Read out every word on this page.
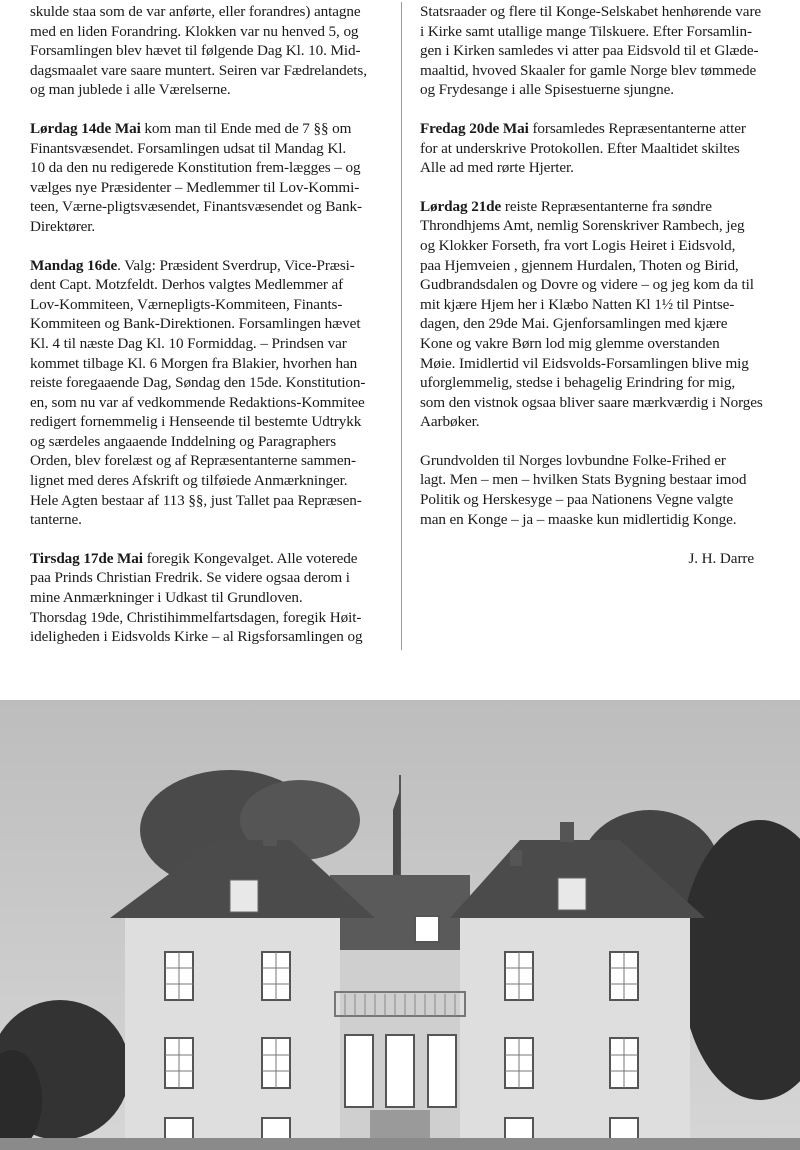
skulde staa som de var anførte, eller forandres) antagne
med en liden Forandring. Klokken var nu henved 5, og
Forsamlingen blev hævet til følgende Dag Kl. 10. Mid-
dagsmaalet vare saare muntert. Seiren var Fædrelandets,
og man jublede i alle Værelserne.
Lørdag 14de Mai kom man til Ende med de 7 §§ om
Finantsvæsendet. Forsamlingen udsat til Mandag Kl.
10 da den nu redigerede Konstitution frem-lægges – og
vælges nye Præsidenter – Medlemmer til Lov-Kommi-
teen, Værne-pligtsvæsendet, Finantsvæsendet og Bank-
Direktører.
Mandag 16de. Valg: Præsident Sverdrup, Vice-Præsi-
dent Capt. Motzfeldt. Derhos valgtes Medlemmer af
Lov-Kommiteen, Værnepligts-Kommiteen, Finants-
Kommiteen og Bank-Direktionen. Forsamlingen hævet
Kl. 4 til næste Dag Kl. 10 Formiddag. – Prindsen var
kommet tilbage Kl. 6 Morgen fra Blakier, hvorhen han
reiste foregaaende Dag, Søndag den 15de. Konstitution-
en, som nu var af vedkommende Redaktions-Kommitee
redigert fornemmelig i Henseende til bestemte Udtrykk
og særdeles angaaende Inddelning og Paragraphers
Orden, blev forelæst og af Repræsentanterne sammen-
lignet med deres Afskrift og tilføiede Anmærkninger.
Hele Agten bestaar af 113 §§, just Tallet paa Repræsen-
tanterne.
Tirsdag 17de Mai foregik Kongevalget. Alle voterede
paa Prinds Christian Fredrik. Se videre ogsaa derom i
mine Anmærkninger i Udkast til Grundloven.
Thorsdag 19de, Christihimmelfartsdagen, foregik Høit-
ideligheden i Eidsvolds Kirke – al Rigsforsamlingen og
Statsraader og flere til Konge-Selskabet henhørende vare
i Kirke samt utallige mange Tilskuere. Efter Forsamlin-
gen i Kirken samledes vi atter paa Eidsvold til et Glæde-
maaltid, hvoved Skaaler for gamle Norge blev tømmede
og Frydesange i alle Spisestuerne sjungne.
Fredag 20de Mai forsamledes Repræsentanterne atter
for at underskrive Protokollen. Efter Maaltidet skiltes
Alle ad med rørte Hjerter.
Lørdag 21de reiste Repræsentanterne fra søndre
Throndhjems Amt, nemlig Sorenskriver Rambech, jeg
og Klokker Forseth, fra vort Logis Heiret i Eidsvold,
paa Hjemveien , gjennem Hurdalen, Thoten og Birid,
Gudbrandsdalen og Dovre og videre – og jeg kom da til
mit kjære Hjem her i Klæbo Natten Kl 1½ til Pintse-
dagen, den 29de Mai. Gjenforsamlingen med kjære
Kone og vakre Børn lod mig glemme overstanden
Møie. Imidlertid vil Eidsvolds-Forsamlingen blive mig
uforglemmelig, stedse i behagelig Erindring for mig,
som den vistnok ogsaa bliver saare mærkværdig i Norges
Aarbøker.
Grundvolden til Norges lovbundne Folke-Frihed er
lagt. Men – men – hvilken Stats Bygning bestaar imod
Politik og Herskesyge – paa Nationens Vegne valgte
man en Konge – ja – maaske kun midlertidig Konge.
J. H. Darre
